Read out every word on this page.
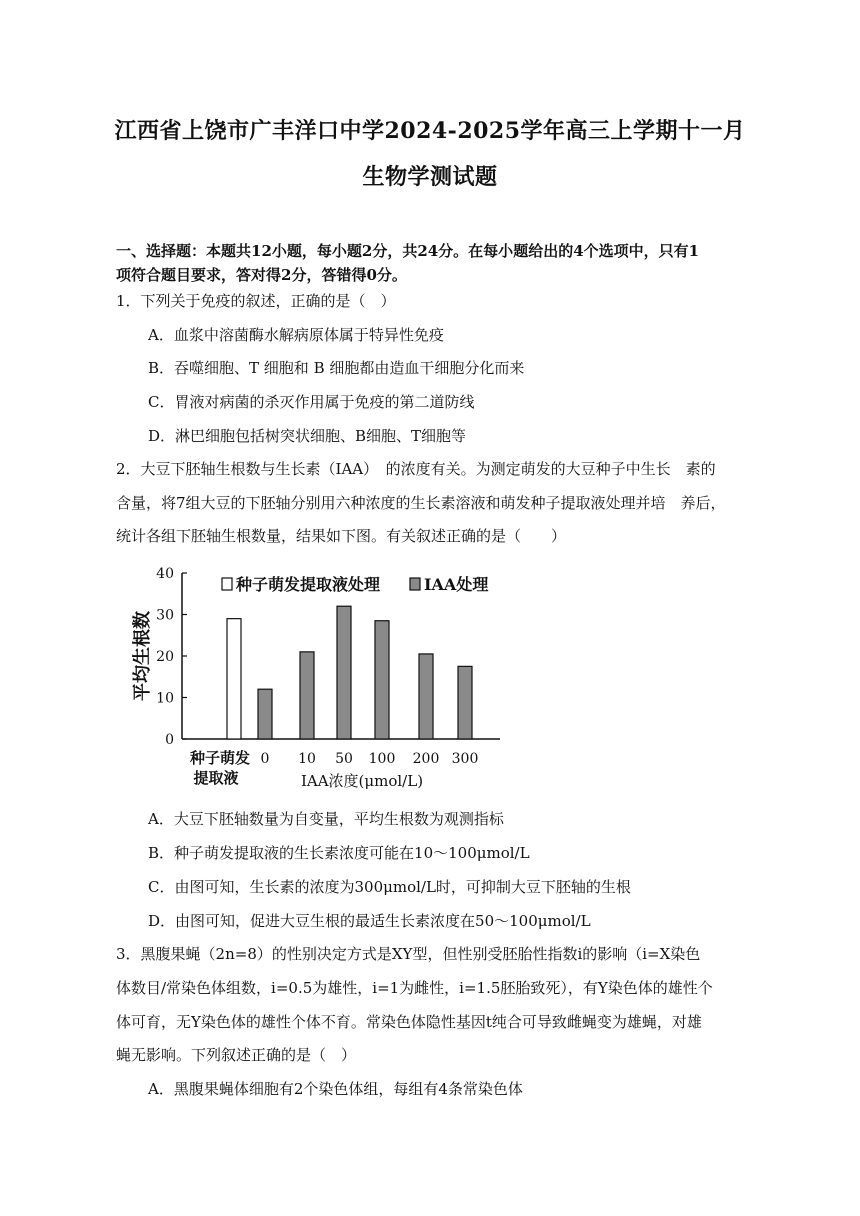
江西省上饶市广丰洋口中学2024-2025学年高三上学期十一月
生物学测试题
一、选择题：本题共12小题，每小题2分，共24分。在每小题给出的4个选项中，只有1
项符合题目要求，答对得2分，答错得0分。
1．下列关于免疫的叙述，正确的是（　）
A．血浆中溶菌酶水解病原体属于特异性免疫
B．吞噬细胞、T 细胞和 B 细胞都由造血干细胞分化而来
C．胃液对病菌的杀灭作用属于免疫的第二道防线
D．淋巴细胞包括树突状细胞、B细胞、T细胞等
2．大豆下胚轴生根数与生长素（IAA）　的浓度有关。为测定萌发的大豆种子中生长　素的
含量，将7组大豆的下胚轴分别用六种浓度的生长素溶液和萌发种子提取液处理并培　养后，
统计各组下胚轴生根数量，结果如下图。有关叙述正确的是（　　）
种子萌发提取液处理	IAA处理
0
10
20
30
40
平均生根数
种子萌发
提取液
0 10 50 100 200 300
IAA浓度(μmol/L)
A．大豆下胚轴数量为自变量，平均生根数为观测指标
B．种子萌发提取液的生长素浓度可能在10～100μmol/L
C．由图可知，生长素的浓度为300μmol/L时，可抑制大豆下胚轴的生根
D．由图可知，促进大豆生根的最适生长素浓度在50～100μmol/L
3．黑腹果蝇（2n=8）的性别决定方式是XY型，但性别受胚胎性指数i的影响（i=X染色
体数目/常染色体组数，i=0.5为雄性，i=1为雌性，i=1.5胚胎致死），有Y染色体的雄性个
体可育，无Y染色体的雄性个体不育。常染色体隐性基因t纯合可导致雌蝇变为雄蝇，对雄
蝇无影响。下列叙述正确的是（　）
A．黑腹果蝇体细胞有2个染色体组，每组有4条常染色体
